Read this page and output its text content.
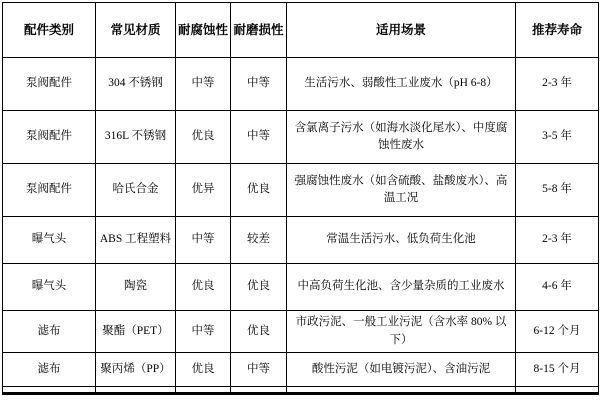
配件类别	常见材质	耐腐蚀性	耐磨损性	适用场景	推荐寿命
泵阀配件	304 不锈钢	中等	中等	生活污水、弱酸性工业废水（pH 6-8）	2-3 年
泵阀配件	316L 不锈钢	优良	中等	含氯离子污水（如海水淡化尾水）、中度腐蚀性废水	3-5 年
泵阀配件	哈氏合金	优异	优良	强腐蚀性废水（如含硫酸、盐酸废水）、高温工况	5-8 年
曝气头	ABS 工程塑料	中等	较差	常温生活污水、低负荷生化池	2-3 年
曝气头	陶瓷	优良	优良	中高负荷生化池、含少量杂质的工业废水	4-6 年
滤布	聚酯（PET）	中等	优良	市政污泥、一般工业污泥（含水率 80% 以下）	6-12 个月
滤布	聚丙烯（PP）	优良	中等	酸性污泥（如电镀污泥）、含油污泥	8-15 个月
